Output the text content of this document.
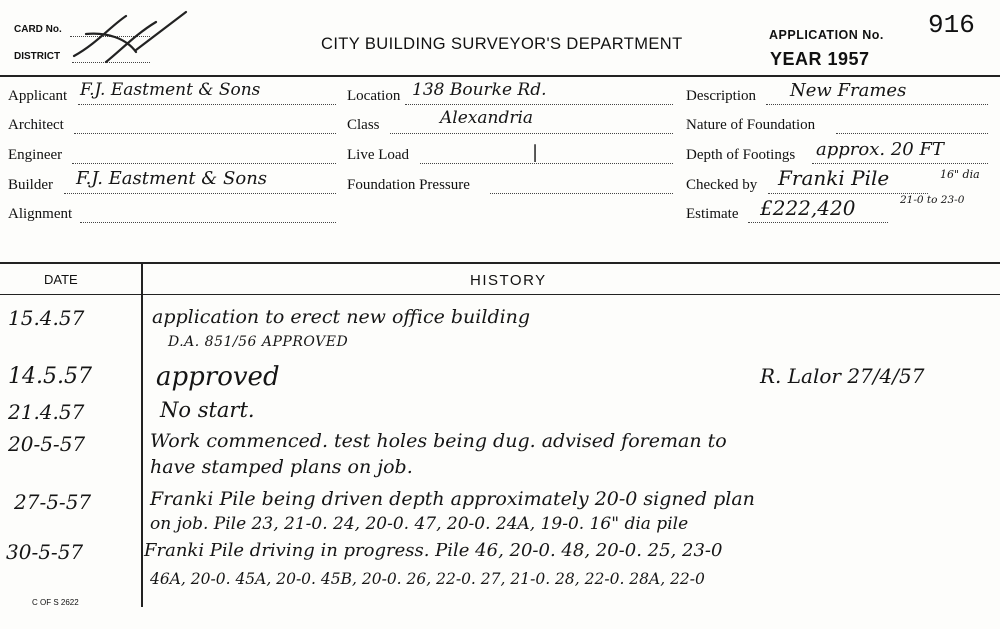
CARD No.
DISTRICT
CITY BUILDING SURVEYOR'S DEPARTMENT	APPLICATION No. 916
YEAR 1957
Applicant F.J. Eastment & Sons
Architect
Engineer
Builder F.J. Eastment & Sons
Alignment
Location 138 Bourke Rd.
Class	Alexandria
Live Load	|
Foundation Pressure
Description New Frames
Nature of Foundation
Depth of Footings approx. 20 FT
Checked by Franki Pile	16" dia
21-0 to 23-0
Estimate £222,420
DATE	HISTORY
15.4.57	application to erect new office building
D.A. 851/56 APPROVED
14.5.57 approved	R. Lalor 27/4/57
21.4.57	No start.
20-5-57	Work commenced. test holes being dug. advised foreman to
have stamped plans on job.
27-5-57	Franki Pile being driven depth approximately 20-0 signed plan
on job. Pile 23, 21-0. 24, 20-0. 47, 20-0. 24A, 19-0. 16" dia pile
30-5-57	Franki Pile driving in progress. Pile 46, 20-0. 48, 20-0. 25, 23-0
46A, 20-0. 45A, 20-0. 45B, 20-0. 26, 22-0. 27, 21-0. 28, 22-0. 28A, 22-0
C OF S 2622
